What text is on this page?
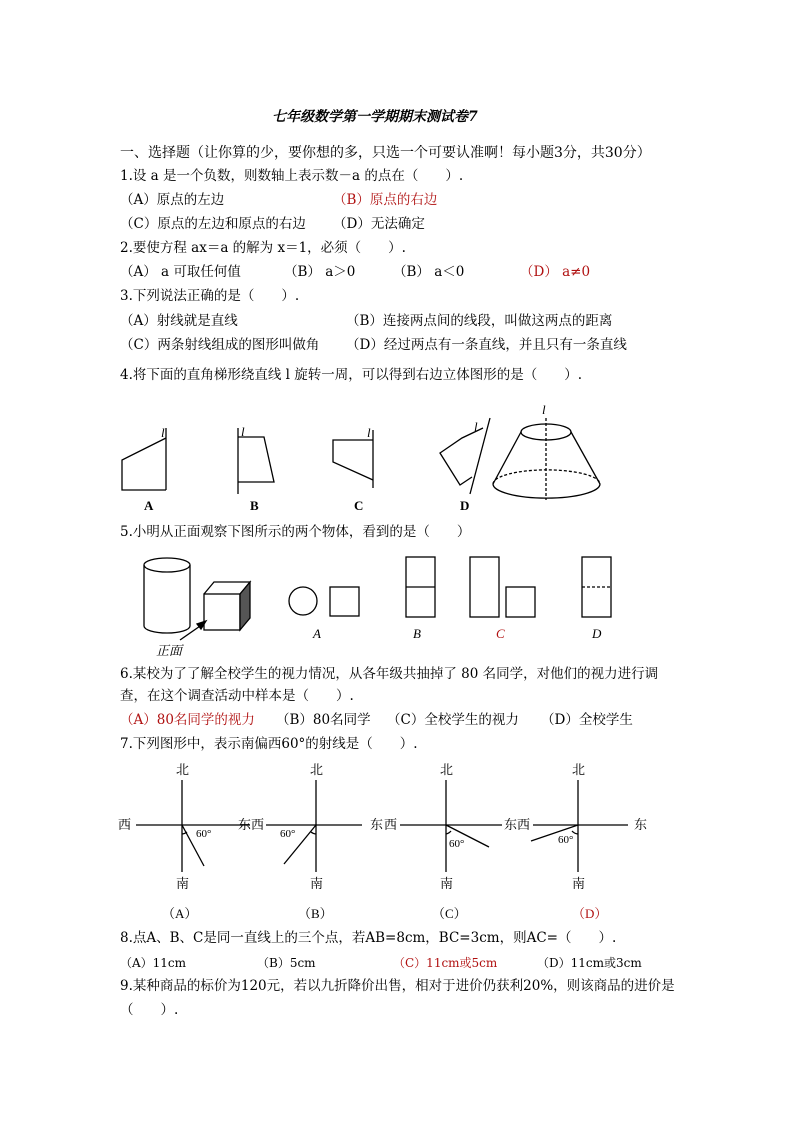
七年级数学第一学期期末测试卷7
一、选择题（让你算的少，要你想的多，只选一个可要认准啊！每小题3分，共30分）
1.设 a 是一个负数，则数轴上表示数－a 的点在（　　）.
（A）原点的左边	（B）原点的右边
（C）原点的左边和原点的右边 （D）无法确定
2.要使方程 ax＝a 的解为 x＝1，必须（　　）.
（A） a 可取任何值	（B） a＞0	（B） a＜0	（D） a≠0
3.下列说法正确的是（　　）.
（A）射线就是直线	（B）连接两点间的线段，叫做这两点的距离
（C）两条射线组成的图形叫做角 （D）经过两点有一条直线，并且只有一条直线
4.将下面的直角梯形绕直线 l 旋转一周，可以得到右边立体图形的是（　　）.
l	l	l	l
l
A	B	C	D
正面
A	B	C	D
北
南
西	东
60°
北
南
西	东
60°
北
南
西	东
60°
北
南
西	东
60°
（A）	（B）	（C）	（D）
5.小明从正面观察下图所示的两个物体，看到的是（　　）
6.某校为了了解全校学生的视力情况，从各年级共抽掉了 80 名同学，对他们的视力进行调
查，在这个调查活动中样本是（　　）.
（A）80名同学的视力 （B）80名同学 （C）全校学生的视力 （D）全校学生
7.下列图形中，表示南偏西60°的射线是（　　）.
8.点A、B、C是同一直线上的三个点，若AB=8cm，BC=3cm，则AC=（　　）.
（A）11cm	（B）5cm	（C）11cm或5cm	（D）11cm或3cm
9.某种商品的标价为120元，若以九折降价出售，相对于进价仍获利20%，则该商品的进价是
（　　）.
